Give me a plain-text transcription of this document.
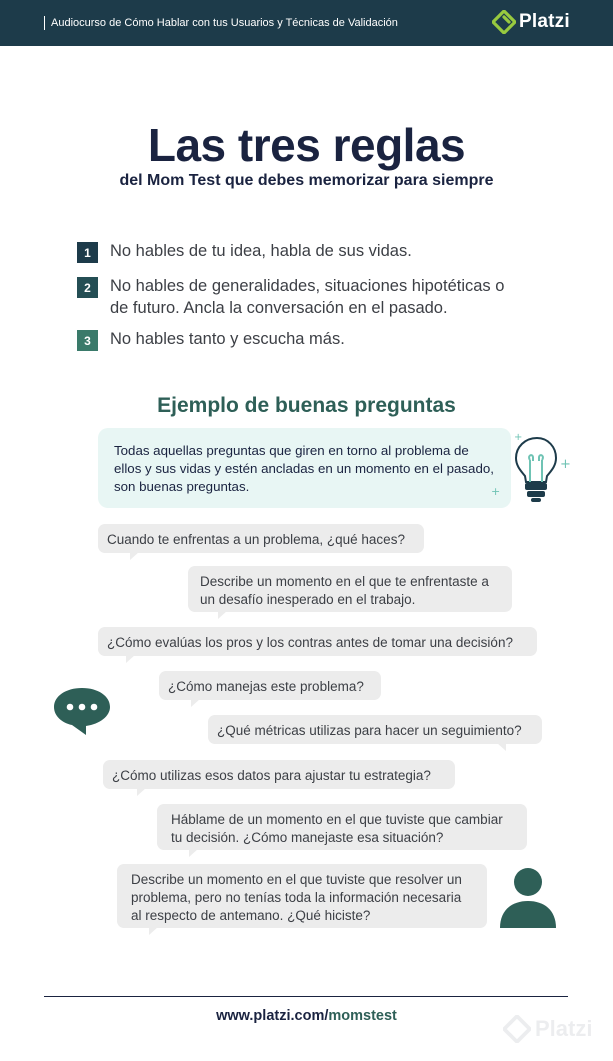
Audiocurso de Cómo Hablar con tus Usuarios y Técnicas de Validación	Platzi
Las tres reglas
del Mom Test que debes memorizar para siempre
1	No hables de tu idea, habla de sus vidas.
2	No hables de generalidades, situaciones hipotéticas o de futuro. Ancla la conversación en el pasado.
3	No hables tanto y escucha más.
Ejemplo de buenas preguntas
Todas aquellas preguntas que giren en torno al problema de ellos y sus vidas y estén ancladas en un momento en el pasado, son buenas preguntas.
+
+
+
Cuando te enfrentas a un problema, ¿qué haces?
Describe un momento en el que te enfrentaste a un desafío inesperado en el trabajo.
¿Cómo evalúas los pros y los contras antes de tomar una decisión?
¿Cómo manejas este problema?
¿Qué métricas utilizas para hacer un seguimiento?
¿Cómo utilizas esos datos para ajustar tu estrategia?
Háblame de un momento en el que tuviste que cambiar tu decisión. ¿Cómo manejaste esa situación?
Describe un momento en el que tuviste que resolver un problema, pero no tenías toda la información necesaria al respecto de antemano. ¿Qué hiciste?
www.platzi.com/momstest	Platzi
